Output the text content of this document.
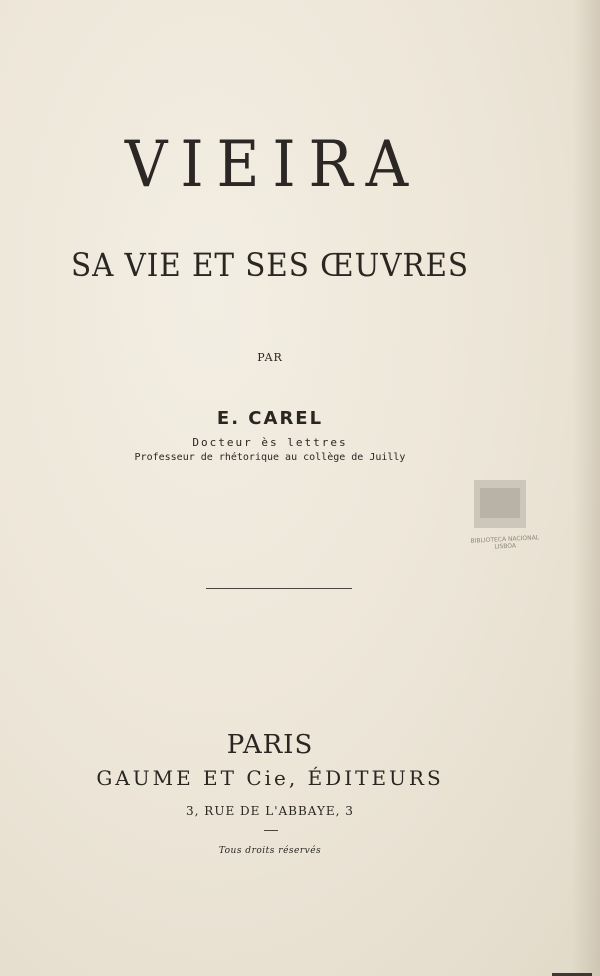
VIEIRA
SA VIE ET SES ŒUVRES
PAR
E. CAREL
Docteur ès lettres
Professeur de rhétorique au collège de Juilly
BIBLIOTECA NACIONAL
LISBOA
PARIS
GAUME ET Cie, ÉDITEURS
3, RUE DE L'ABBAYE, 3
Tous droits réservés
